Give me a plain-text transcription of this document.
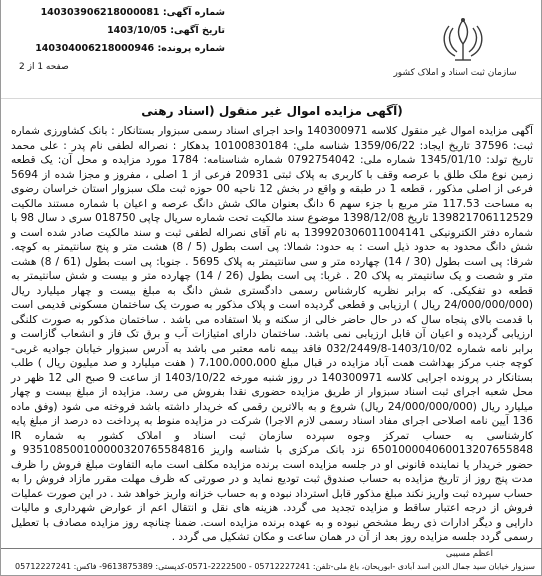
شماره آگهی: 140303906218000081
تاریخ آگهی: 1403/10/05
شماره پرونده: 140304006218000946
صفحه 1 از 2
سازمان ثبت اسناد و املاک کشور
(آگهی مزایده اموال غیر منقول (اسناد رهنی

آگهی مزایده اموال غیر منقول کلاسه 140300971 واحد اجرای اسناد رسمی سبزوار بستانکار : بانک کشاورزی شماره ثبت: 37596 تاریخ ایجاد: 1359/06/22 شناسه ملی: 10100830184 بدهکار : نصراله لطفی نام پدر : علی محمد تاریخ تولد: 1345/01/10 شماره ملی: 0792754042 شماره شناسنامه: 1784 مورد مزایده و محل آن: یک قطعه زمین نوع ملک طلق با عرصه وقف با کاربری به پلاک ثبتی 20931 فرعی از 1 اصلی ، مفروز و مجزا شده از 5694 فرعی از اصلی مذکور ، قطعه 1 در طبقه و واقع در بخش 12 ناحیه 00 حوزه ثبت ملک سبزوار استان خراسان رضوی به مساحت 117.53 متر مربع با جزء سهم 6 دانگ بعنوان مالک شش دانگ عرصه و اعیان با شماره مستند مالکیت 139821706112529 تاریخ 1398/12/08 موضوع سند مالکیت تحت شماره سریال چاپی 018750 سری د سال 98 با شماره دفتر الکترونیکی 139920306011004141 به نام آقای نصراله لطفی ثبت و سند مالکیت صادر شده است و شش دانگ محدود به حدود ذیل است : به حدود: شمالا: پی است بطول (5 / 8) هشت متر و پنج سانتیمتر به کوچه. شرقا: پی است بطول (30 / 14) چهارده متر و سی سانتیمتر به پلاک 5695 . جنوبا: پی است بطول (61 / 8) هشت متر و شصت و یک سانتیمتر به پلاک 20 . غربا: پی است بطول (26 / 14) چهارده متر و بیست و شش سانتیمتر به قطعه دو تفکیکی. که برابر نظریه کارشناس رسمی دادگستری شش دانگ به مبلغ بیست و چهار میلیارد ریال (24/000/000/000 ریال ) ارزیابی و قطعی گردیده است و پلاک مذکور به صورت یک ساختمان مسکونی قدیمی است با قدمت بالای پنجاه سال که در حال حاضر خالی از سکنه و بلا استفاده می باشد . ساختمان مذکور به صورت کلنگی ارزیابی گردیده و اعیان آن قابل ارزیابی نمی باشد. ساختمان دارای امتیازات آب و برق تک فاز و انشعاب گازاست و برابر نامه شماره 1403/10/02-032/2449/8 فاقد بیمه نامه معتبر می باشد به آدرس سبزوار خیابان جوادیه غربی-کوچه جنب مرکز بهداشت همت آباد مزایده در قبال مبلغ 7،100،000،000 ( هفت میلیارد و صد میلیون ریال ) طلب بستانکار در پرونده اجرایی کلاسه 140300971 در روز شنبه مورخه 1403/10/22 از ساعت 9 صبح الی 12 ظهر در محل شعبه اجرای ثبت اسناد سبزوار از طریق مزایده حضوری نقدا بفروش می رسد. مزایده از مبلغ بیست و چهار میلیارد ریال (24/000/000/000 ریال) شروع و به بالاترین رقمی که خریدار داشته باشد فروخته می شود (وفق ماده 136 آیین نامه اصلاحی اجرای مفاد اسناد رسمی لازم الاجرا) شرکت در مزایده منوط به پرداخت ده درصد از مبلغ پایه کارشناسی به حساب تمرکز وجوه سپرده سازمان ثبت اسناد و املاک کشور به شماره IR 650100004060013207655848 نزد بانک مرکزی با شناسه واریز 935108500100000320765584816 و حضور خریدار یا نماینده قانونی او در جلسه مزایده است برنده مزایده مکلف است مابه التفاوت مبلغ فروش را ظرف مدت پنج روز از تاریخ مزایده به حساب صندوق ثبت تودیع نماید و در صورتی که ظرف مهلت مقرر مازاد فروش را به حساب سپرده ثبت واریز نکند مبلغ مذکور قابل استرداد نبوده و به حساب خزانه واریز خواهد شد . در این صورت عملیات فروش از درجه اعتبار ساقط و مزایده تجدید می گردد. هزینه های نقل و انتقال اعم از عوارض شهرداری و مالیات دارایی و دیگر ادارات ذی ربط مشخص نبوده و به عهده برنده مزایده است. ضمنا چنانچه روز مزایده مصادف با تعطیل رسمی گردد جلسه مزایده روز بعد از آن در همان ساعت و مکان تشکیل می گردد .

اعظم مسیبی
سبزوار خیابان سید جمال الدین اسد آبادی -ابوریحان، باغ ملی-تلفن: 05712227241 - 2222500-0571-کدپستی: 9613875389- فاکس: 05712227241
